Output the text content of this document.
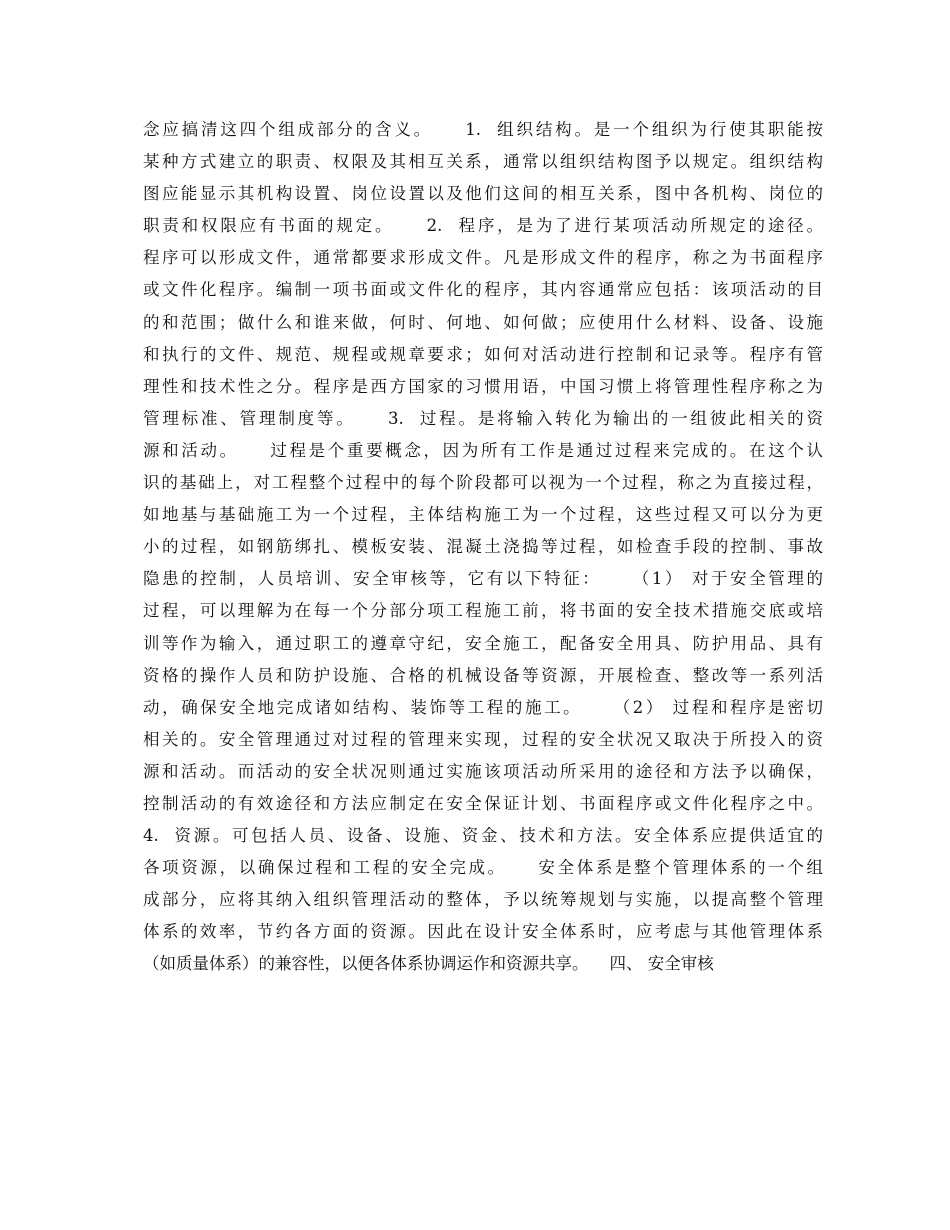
念应搞清这四个组成部分的含义。    1.  组织结构。是一个组织为行使其职能按
某种方式建立的职责、权限及其相互关系，通常以组织结构图予以规定。组织结构
图应能显示其机构设置、岗位设置以及他们这间的相互关系，图中各机构、岗位的
职责和权限应有书面的规定。    2.  程序，是为了进行某项活动所规定的途径。
程序可以形成文件，通常都要求形成文件。凡是形成文件的程序，称之为书面程序
或文件化程序。编制一项书面或文件化的程序，其内容通常应包括：该项活动的目
的和范围；做什么和谁来做，何时、何地、如何做；应使用什么材料、设备、设施
和执行的文件、规范、规程或规章要求；如何对活动进行控制和记录等。程序有管
理性和技术性之分。程序是西方国家的习惯用语，中国习惯上将管理性程序称之为
管理标准、管理制度等。    3.  过程。是将输入转化为输出的一组彼此相关的资
源和活动。    过程是个重要概念，因为所有工作是通过过程来完成的。在这个认
识的基础上，对工程整个过程中的每个阶段都可以视为一个过程，称之为直接过程，
如地基与基础施工为一个过程，主体结构施工为一个过程，这些过程又可以分为更
小的过程，如钢筋绑扎、模板安装、混凝土浇捣等过程，如检查手段的控制、事故
隐患的控制，人员培训、安全审核等，它有以下特征：    （1） 对于安全管理的
过程，可以理解为在每一个分部分项工程施工前，将书面的安全技术措施交底或培
训等作为输入，通过职工的遵章守纪，安全施工，配备安全用具、防护用品、具有
资格的操作人员和防护设施、合格的机械设备等资源，开展检查、整改等一系列活
动，确保安全地完成诸如结构、装饰等工程的施工。    （2） 过程和程序是密切
相关的。安全管理通过对过程的管理来实现，过程的安全状况又取决于所投入的资
源和活动。而活动的安全状况则通过实施该项活动所采用的途径和方法予以确保，
控制活动的有效途径和方法应制定在安全保证计划、书面程序或文件化程序之中。
4.  资源。可包括人员、设备、设施、资金、技术和方法。安全体系应提供适宜的
各项资源，以确保过程和工程的安全完成。    安全体系是整个管理体系的一个组
成部分，应将其纳入组织管理活动的整体，予以统筹规划与实施，以提高整个管理
体系的效率，节约各方面的资源。因此在设计安全体系时，应考虑与其他管理体系
（如质量体系）的兼容性，以便各体系协调运作和资源共享。    四、 安全审核
